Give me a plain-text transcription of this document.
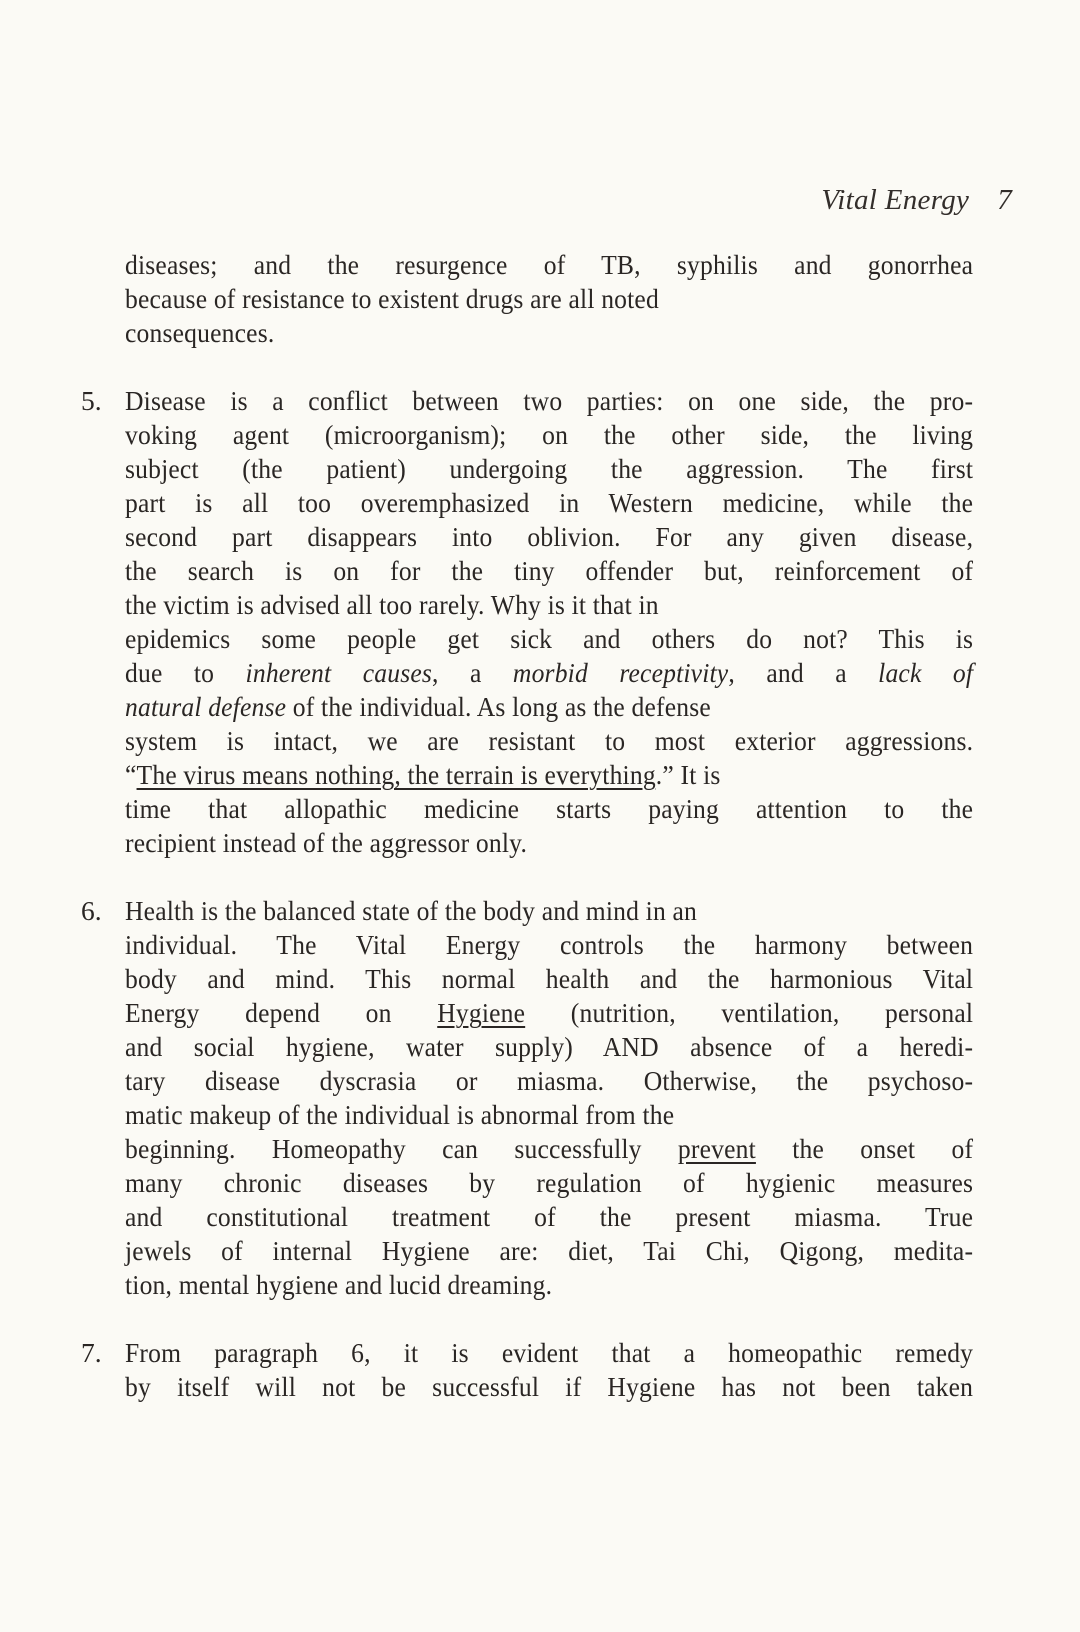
Vital Energy 7
diseases; and the resurgence of TB, syphilis and gonorrhea
because of resistance to existent drugs are all noted
consequences.
5. Disease is a conflict between two parties: on one side, the pro-
voking agent (microorganism); on the other side, the living
subject (the patient) undergoing the aggression. The first
part is all too overemphasized in Western medicine, while the
second part disappears into oblivion. For any given disease,
the search is on for the tiny offender but, reinforcement of
the victim is advised all too rarely. Why is it that in
epidemics some people get sick and others do not? This is
due to inherent causes, a morbid receptivity, and a lack of
natural defense of the individual. As long as the defense
system is intact, we are resistant to most exterior aggressions.
“The virus means nothing, the terrain is everything.” It is
time that allopathic medicine starts paying attention to the
recipient instead of the aggressor only.
6. Health is the balanced state of the body and mind in an
individual. The Vital Energy controls the harmony between
body and mind. This normal health and the harmonious Vital
Energy depend on Hygiene (nutrition, ventilation, personal
and social hygiene, water supply) AND absence of a heredi-
tary disease dyscrasia or miasma. Otherwise, the psychoso-
matic makeup of the individual is abnormal from the
beginning. Homeopathy can successfully prevent the onset of
many chronic diseases by regulation of hygienic measures
and constitutional treatment of the present miasma. True
jewels of internal Hygiene are: diet, Tai Chi, Qigong, medita-
tion, mental hygiene and lucid dreaming.
7. From paragraph 6, it is evident that a homeopathic remedy
by itself will not be successful if Hygiene has not been taken
